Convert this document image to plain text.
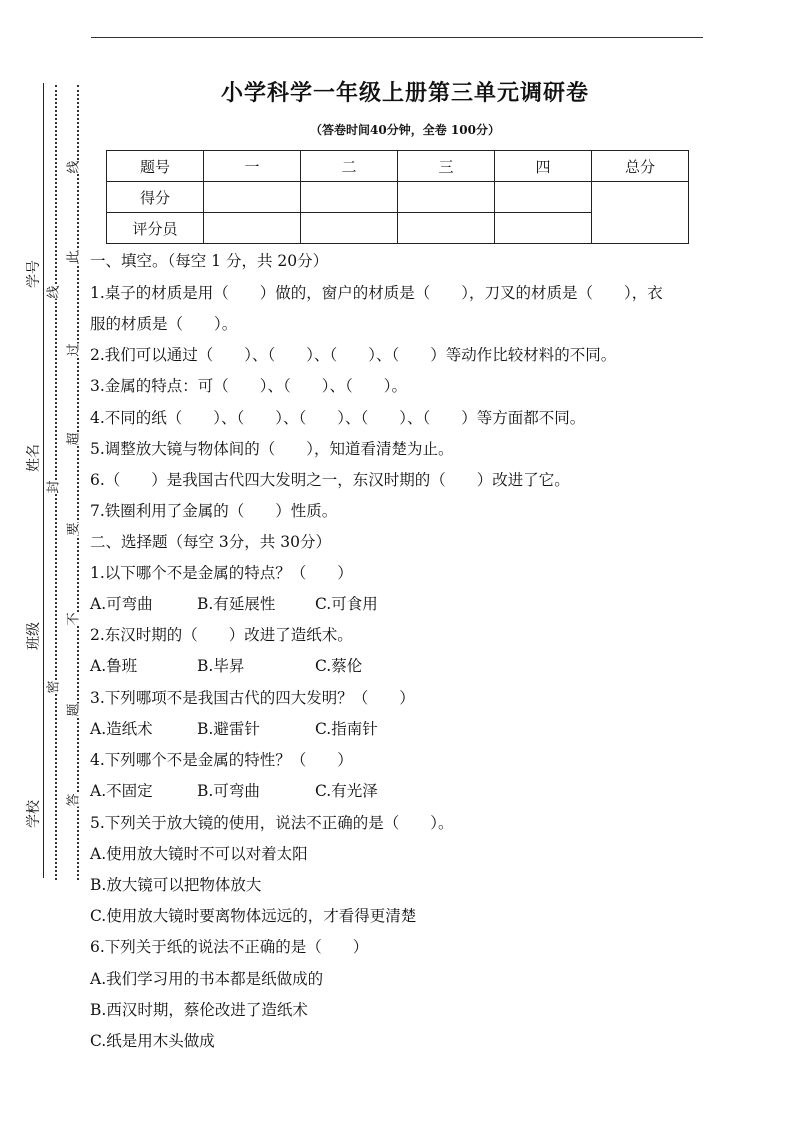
学号
姓名
班级
学校
线
此
线
过
超
封
要
不
密
题
答
小学科学一年级上册第三单元调研卷
（答卷时间40分钟，全卷 100分）
题号	一	二	三	四	总分
得分					
评分员					
一、填空。（每空 1 分，共 20分）
1.桌子的材质是用（　　）做的，窗户的材质是（　　），刀叉的材质是（　　），衣
服的材质是（　　）。
2.我们可以通过（　　）、（　　）、（　　）、（　　）等动作比较材料的不同。
3.金属的特点：可（　　）、（　　）、（　　）。
4.不同的纸（　　）、（　　）、（　　）、（　　）、（　　）等方面都不同。
5.调整放大镜与物体间的（　　），知道看清楚为止。
6.（　　）是我国古代四大发明之一，东汉时期的（　　）改进了它。
7.铁圈利用了金属的（　　）性质。
二、选择题（每空 3分，共 30分）
1.以下哪个不是金属的特点？（　　）
A.可弯曲	B.有延展性	C.可食用
2.东汉时期的（　　）改进了造纸术。
A.鲁班	B.毕昇	C.蔡伦
3.下列哪项不是我国古代的四大发明？（　　）
A.造纸术	B.避雷针	C.指南针
4.下列哪个不是金属的特性？（　　）
A.不固定	B.可弯曲	C.有光泽
5.下列关于放大镜的使用，说法不正确的是（　　）。
A.使用放大镜时不可以对着太阳
B.放大镜可以把物体放大
C.使用放大镜时要离物体远远的，才看得更清楚
6.下列关于纸的说法不正确的是（　　）
A.我们学习用的书本都是纸做成的
B.西汉时期，蔡伦改进了造纸术
C.纸是用木头做成
